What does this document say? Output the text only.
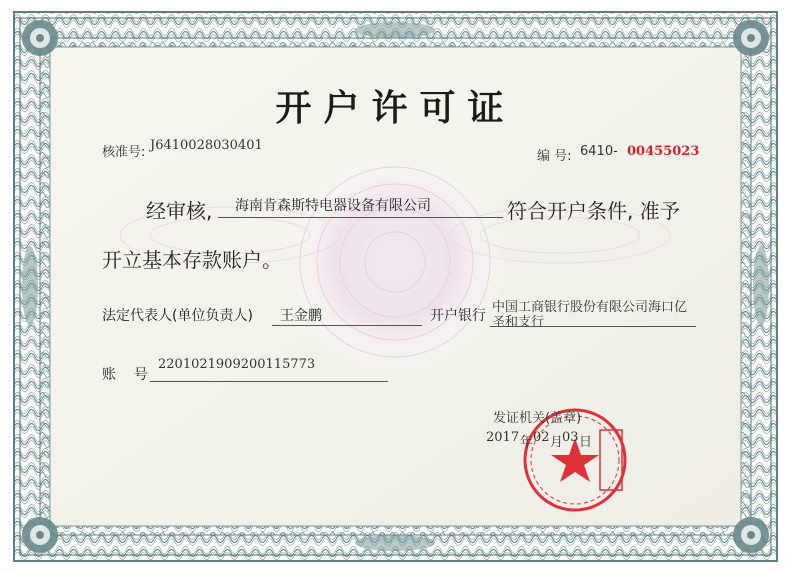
开户许可证
核准号: J6410028030401
编 号: 6410- 00455023
经审核, 海南肯森斯特电器设备有限公司	符合开户条件, 准予
开立基本存款账户。
法定代表人(单位负责人) 王金鹏	开户银行
中国工商银行股份有限公司海口亿
圣和支行
账    号
2201021909200115773
发证机关(盖章)
2017 年 02 月
03 日
